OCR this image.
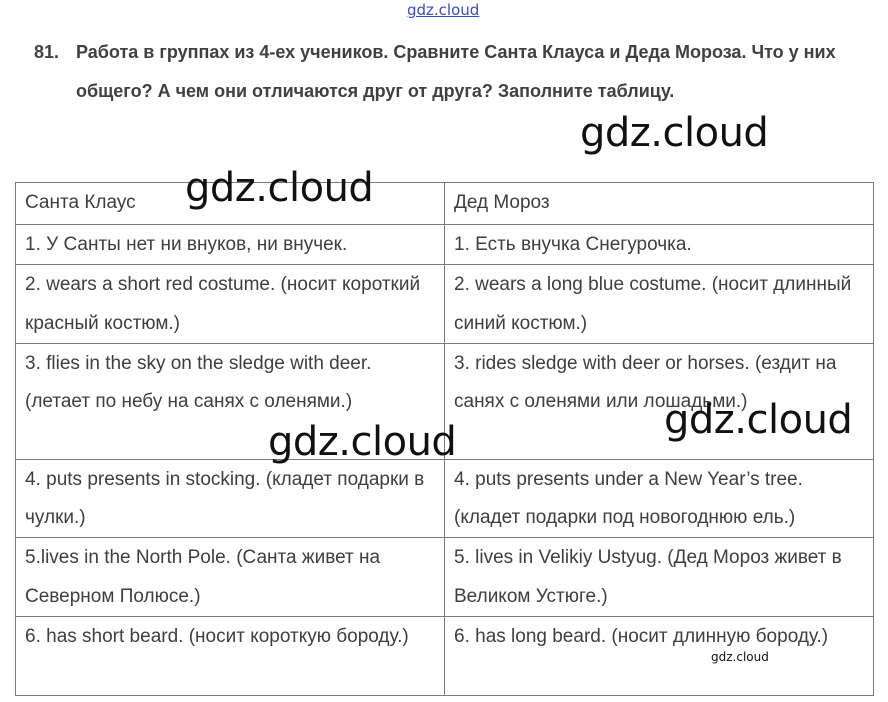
gdz.cloud
81. Работа в группах из 4-ех учеников. Сравните Санта Клауса и Деда Мороза. Что у них общего? А чем они отличаются друг от друга? Заполните таблицу.
Санта Клаус	Дед Мороз
1. У Санты нет ни внуков, ни внучек.	1. Есть внучка Снегурочка.
2. wears a short red costume. (носит короткий красный костюм.)	2. wears a long blue costume. (носит длинный синий костюм.)
3. flies in the sky on the sledge with deer. (летает по небу на санях с оленями.)	3. rides sledge with deer or horses. (ездит на санях с оленями или лошадьми.)
4. puts presents in stocking. (кладет подарки в чулки.)	4. puts presents under a New Year’s tree. (кладет подарки под новогоднюю ель.)
5.lives in the North Pole. (Санта живет на Северном Полюсе.)	5. lives in Velikiy Ustyug. (Дед Мороз живет в Великом Устюге.)
6. has short beard. (носит короткую бороду.)	6. has long beard. (носит длинную бороду.)
gdz.cloud
gdz.cloud
gdz.cloud
gdz.cloud
gdz.cloud
